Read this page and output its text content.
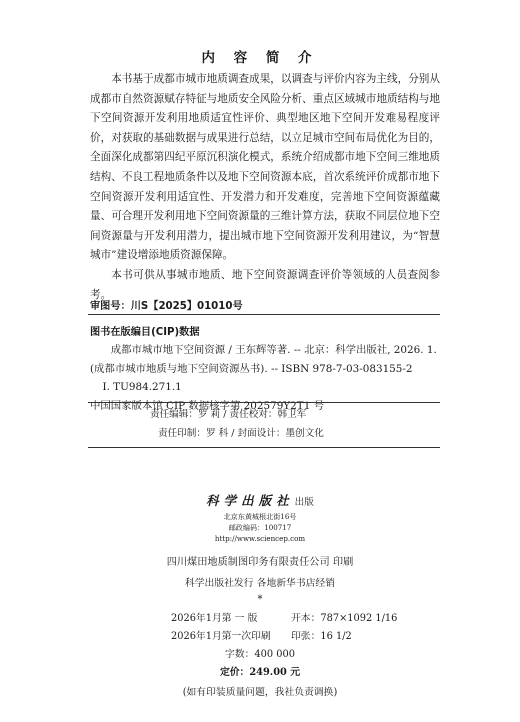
内 容 简 介

本书基于成都市城市地质调查成果，以调查与评价内容为主线，分别从成都市自然资源赋存特征与地质安全风险分析、重点区域城市地质结构与地下空间资源开发利用地质适宜性评价、典型地区地下空间开发难易程度评价，对获取的基础数据与成果进行总结，以立足城市空间布局优化为目的，全面深化成都第四纪平原沉积演化模式，系统介绍成都市地下空间三维地质结构、不良工程地质条件以及地下空间资源本底，首次系统评价成都市地下空间资源开发利用适宜性、开发潜力和开发难度，完善地下空间资源蕴藏量、可合理开发利用地下空间资源量的三维计算方法，获取不同层位地下空间资源量与开发利用潜力，提出城市地下空间资源开发利用建议，为“智慧城市”建设增添地质资源保障。

本书可供从事城市地质、地下空间资源调查评价等领域的人员查阅参考。

审图号：川S【2025】01010号
图书在版编目(CIP)数据
成都市城市地下空间资源 / 王东辉等著. -- 北京：科学出版社, 2026. 1.
(成都市城市地质与地下空间资源丛书). -- ISBN 978-7-03-083155-2
Ⅰ. TU984.271.1
中国国家版本馆 CIP 数据核字第 202579Y2T1 号
责任编辑：罗 莉 / 责任校对：韩卫军
责任印制：罗 科 / 封面设计：墨创文化
科学出版社出版
北京东黄城根北街16号
邮政编码：100717
http://www.sciencep.com
四川煤田地质制图印务有限责任公司 印刷
科学出版社发行 各地新华书店经销
*
2026年1月第 一 版	开本：787×1092 1/16
2026年1月第一次印刷 印张：16 1/2
字数：400 000
定价：249.00 元
(如有印装质量问题，我社负责调换)
